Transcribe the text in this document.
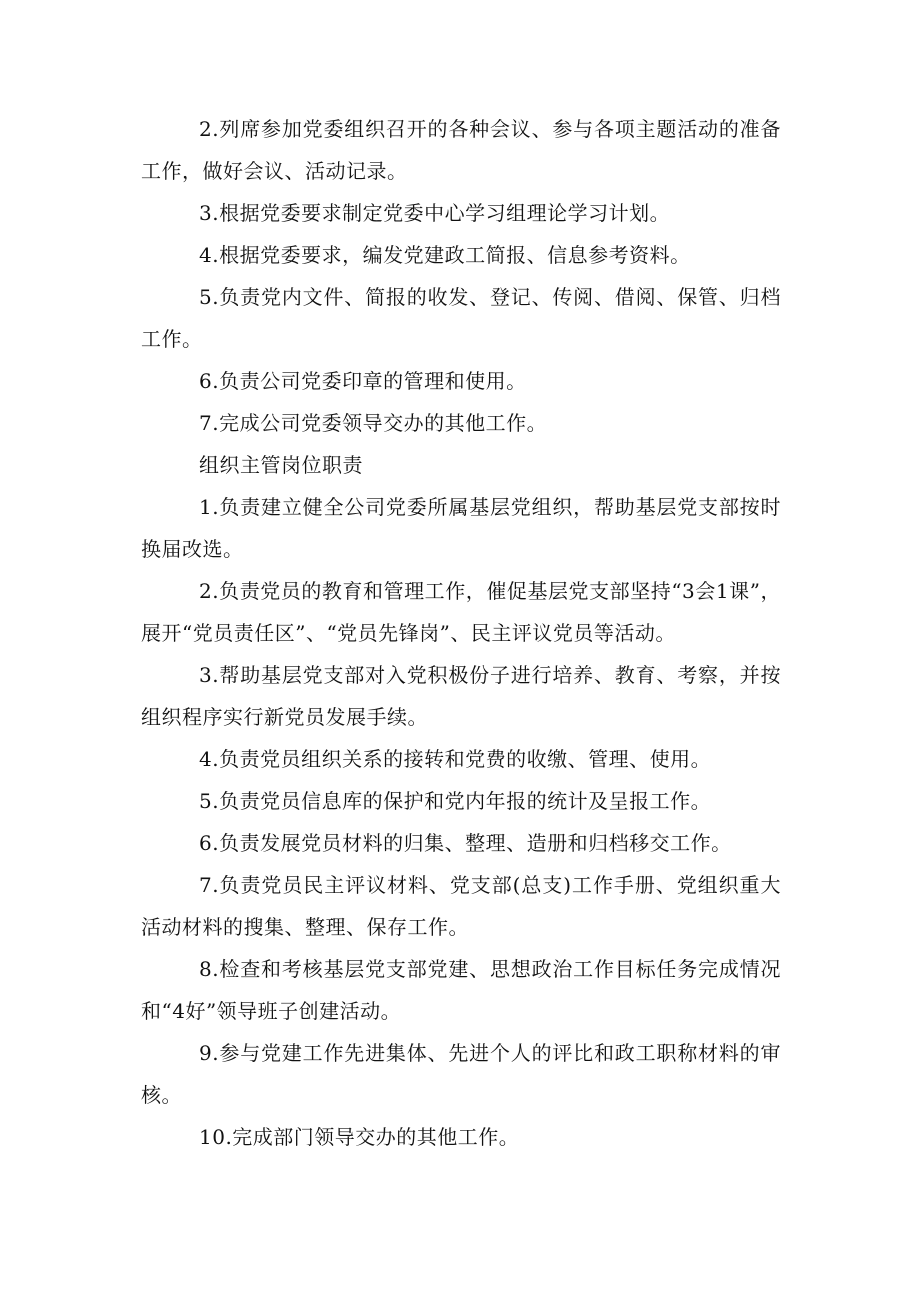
2.列席参加党委组织召开的各种会议、参与各项主题活动的准备工作，做好会议、活动记录。

3.根据党委要求制定党委中心学习组理论学习计划。

4.根据党委要求，编发党建政工简报、信息参考资料。

5.负责党内文件、简报的收发、登记、传阅、借阅、保管、归档工作。

6.负责公司党委印章的管理和使用。

7.完成公司党委领导交办的其他工作。

组织主管岗位职责

1.负责建立健全公司党委所属基层党组织，帮助基层党支部按时换届改选。

2.负责党员的教育和管理工作，催促基层党支部坚持“3会1课”，展开“党员责任区”、“党员先锋岗”、民主评议党员等活动。

3.帮助基层党支部对入党积极份子进行培养、教育、考察，并按组织程序实行新党员发展手续。

4.负责党员组织关系的接转和党费的收缴、管理、使用。

5.负责党员信息库的保护和党内年报的统计及呈报工作。

6.负责发展党员材料的归集、整理、造册和归档移交工作。

7.负责党员民主评议材料、党支部(总支)工作手册、党组织重大活动材料的搜集、整理、保存工作。

8.检查和考核基层党支部党建、思想政治工作目标任务完成情况和“4好”领导班子创建活动。

9.参与党建工作先进集体、先进个人的评比和政工职称材料的审核。

10.完成部门领导交办的其他工作。
